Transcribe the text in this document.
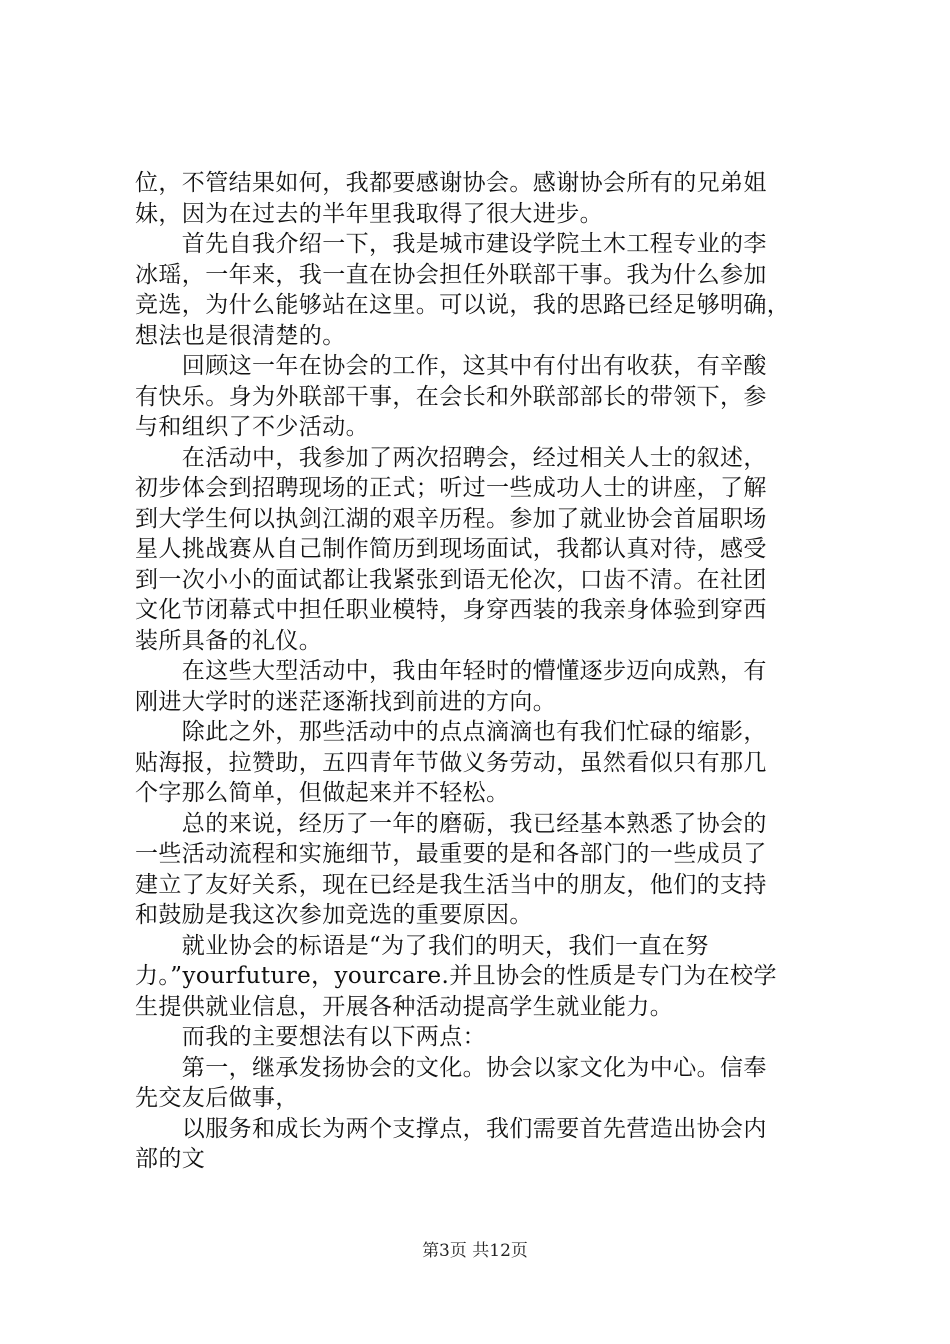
位，不管结果如何，我都要感谢协会。感谢协会所有的兄弟姐
妹，因为在过去的半年里我取得了很大进步。
　　首先自我介绍一下，我是城市建设学院土木工程专业的李
冰瑶，一年来，我一直在协会担任外联部干事。我为什么参加
竞选，为什么能够站在这里。可以说，我的思路已经足够明确，
想法也是很清楚的。
　　回顾这一年在协会的工作，这其中有付出有收获，有辛酸
有快乐。身为外联部干事，在会长和外联部部长的带领下，参
与和组织了不少活动。
　　在活动中，我参加了两次招聘会，经过相关人士的叙述，
初步体会到招聘现场的正式；听过一些成功人士的讲座，了解
到大学生何以执剑江湖的艰辛历程。参加了就业协会首届职场
星人挑战赛从自己制作简历到现场面试，我都认真对待，感受
到一次小小的面试都让我紧张到语无伦次，口齿不清。在社团
文化节闭幕式中担任职业模特，身穿西装的我亲身体验到穿西
装所具备的礼仪。
　　在这些大型活动中，我由年轻时的懵懂逐步迈向成熟，有
刚进大学时的迷茫逐渐找到前进的方向。
　　除此之外，那些活动中的点点滴滴也有我们忙碌的缩影，
贴海报，拉赞助，五四青年节做义务劳动，虽然看似只有那几
个字那么简单，但做起来并不轻松。
　　总的来说，经历了一年的磨砺，我已经基本熟悉了协会的
一些活动流程和实施细节，最重要的是和各部门的一些成员了
建立了友好关系，现在已经是我生活当中的朋友，他们的支持
和鼓励是我这次参加竞选的重要原因。
　　就业协会的标语是“为了我们的明天，我们一直在努
力。”yourfuture，yourcare.并且协会的性质是专门为在校学
生提供就业信息，开展各种活动提高学生就业能力。
　　而我的主要想法有以下两点：
　　第一，继承发扬协会的文化。协会以家文化为中心。信奉
先交友后做事，
　　以服务和成长为两个支撑点，我们需要首先营造出协会内
部的文
第3页 共12页
